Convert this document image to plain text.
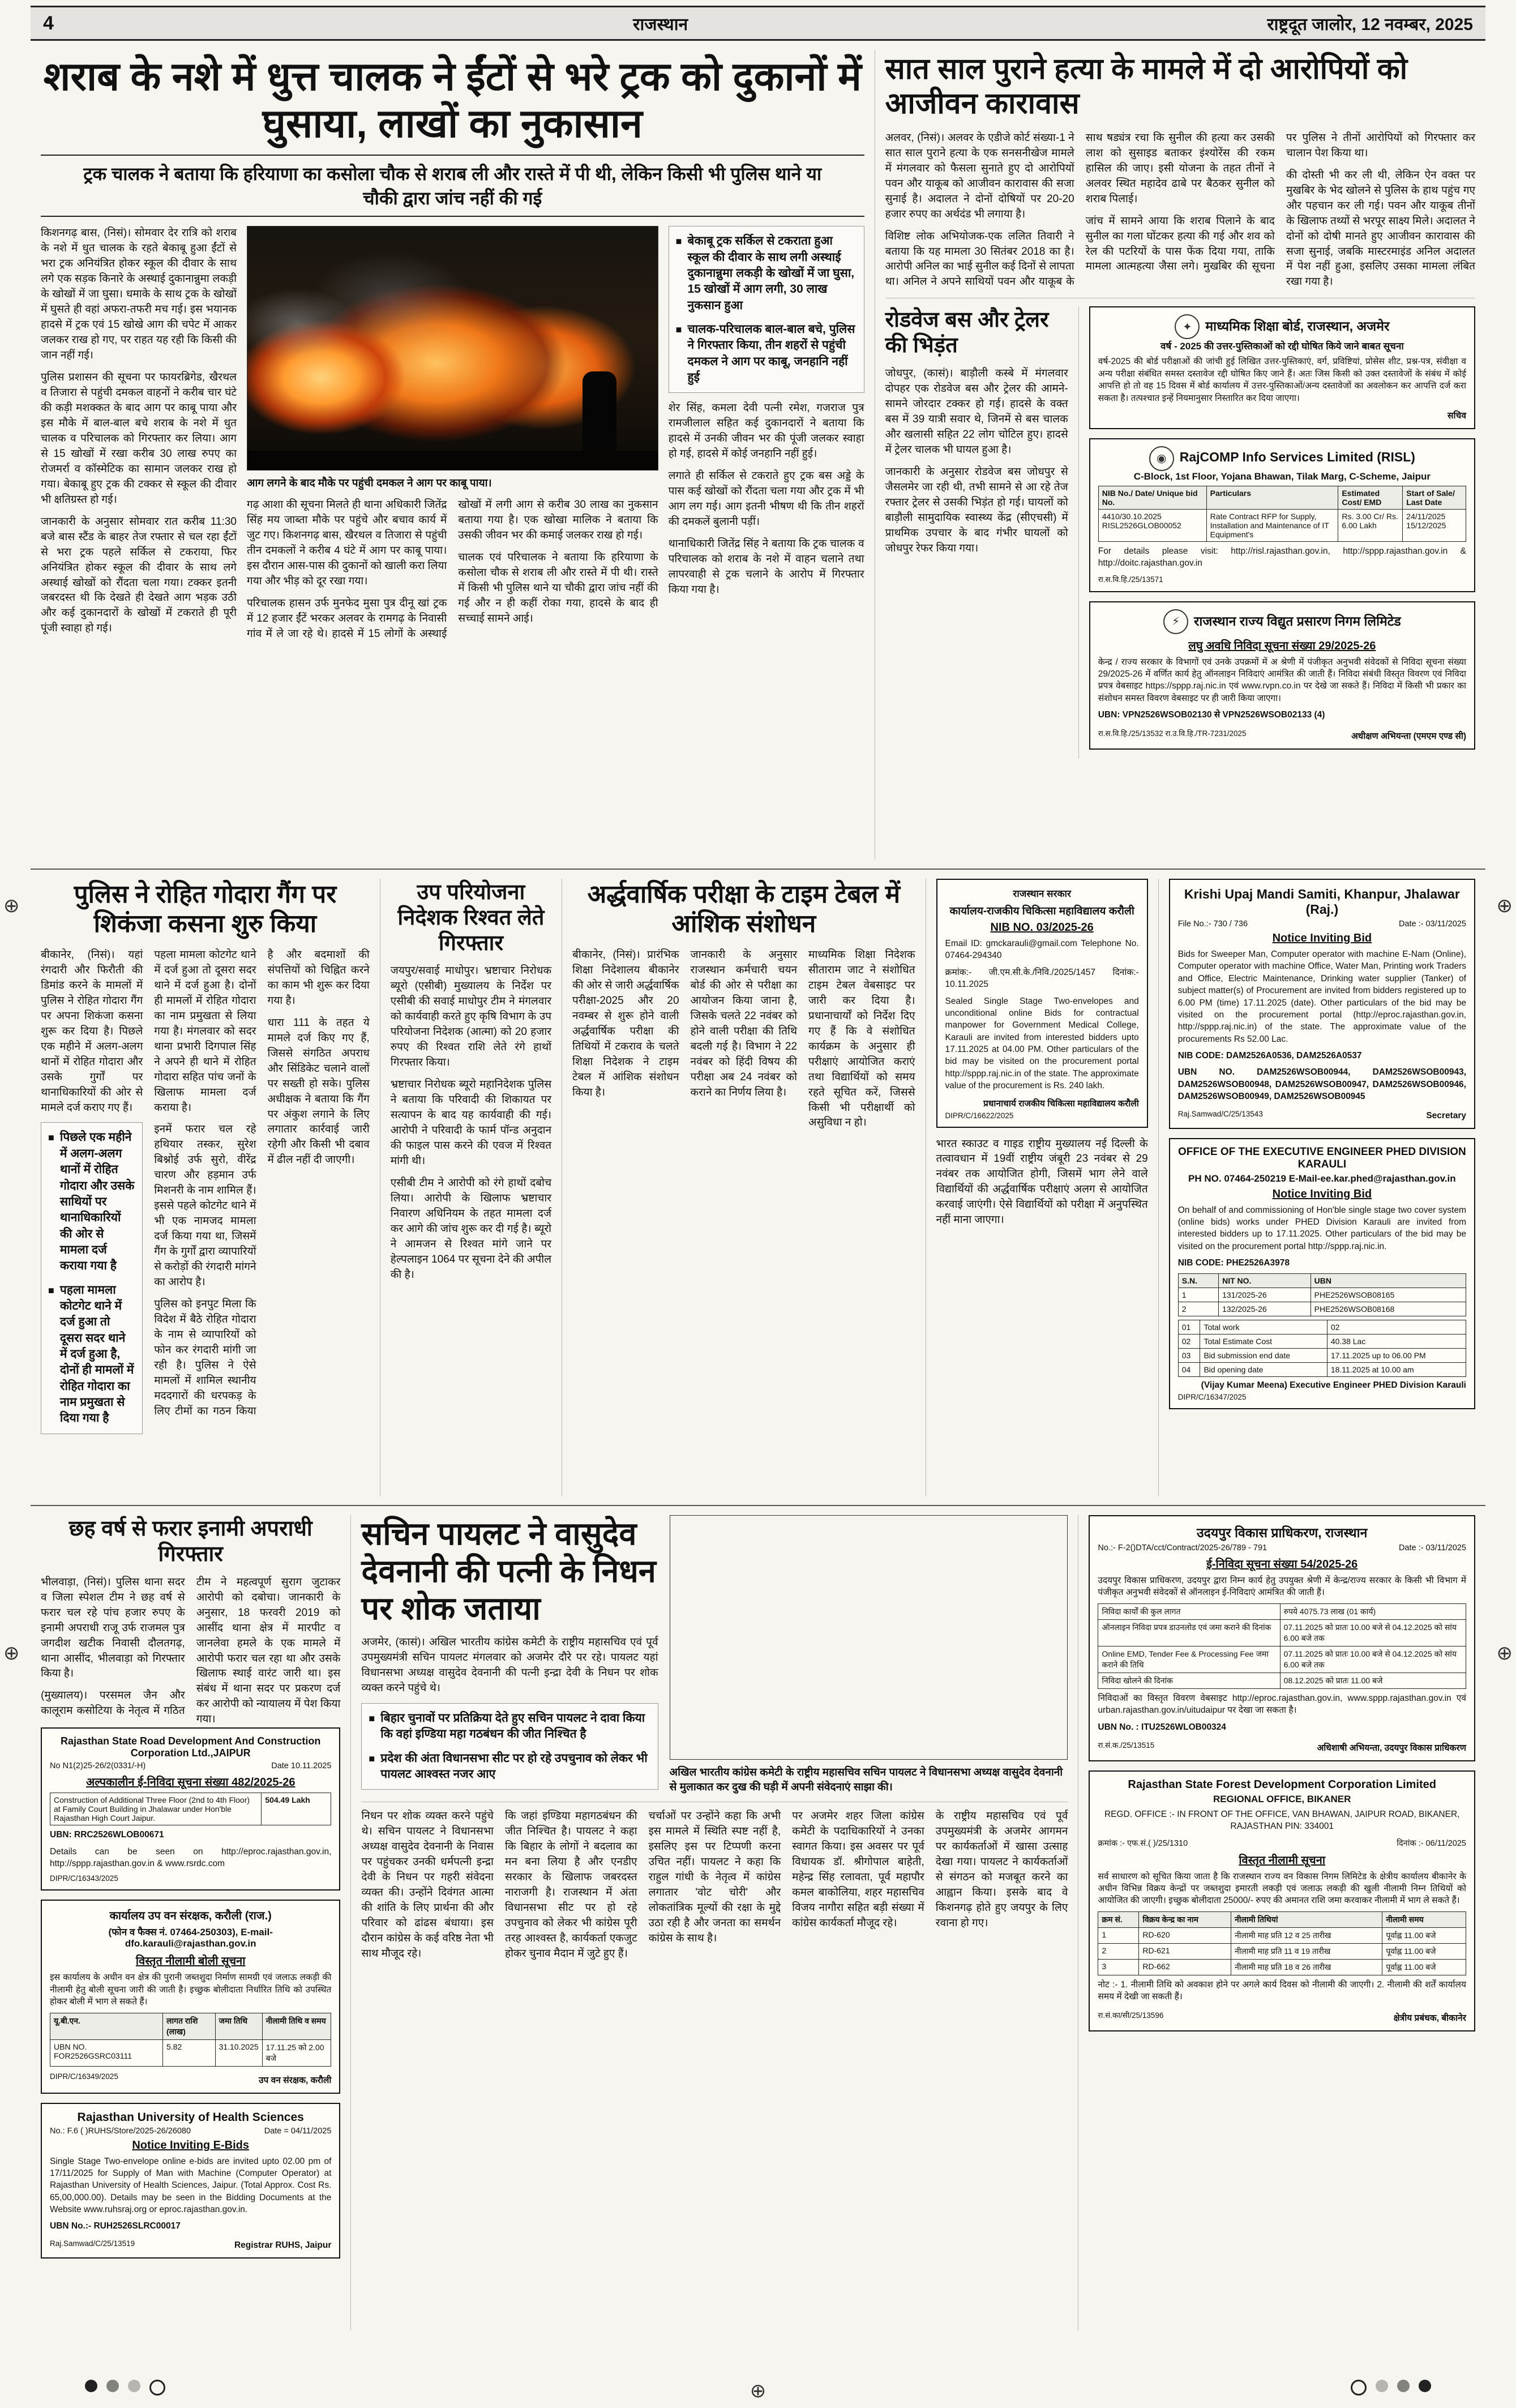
4	राजस्थान	राष्ट्रदूत जालोर, 12 नवम्बर, 2025
शराब के नशे में धुत्त चालक ने ईंटों से भरे ट्रक को दुकानों में घुसाया, लाखों का नुकासान
ट्रक चालक ने बताया कि हरियाणा का कसोला चौक से शराब ली और रास्ते में पी थी, लेकिन किसी भी पुलिस थाने या चौकी द्वारा जांच नहीं की गई

किशनगढ़ बास, (निसं)। सोमवार देर रात्रि को शराब के नशे में धुत चालक के रहते बेकाबू हुआ ईंटों से भरा ट्रक अनियंत्रित होकर स्कूल की दीवार के साथ लगे एक सड़क किनारे के अस्थाई दुकानान्नुमा लकड़ी के खोखों में जा घुसा। धमाके के साथ ट्रक के खोखों में घुसते ही वहां अफरा-तफरी मच गई। इस भयानक हादसे में ट्रक एवं 15 खोखे आग की चपेट में आकर जलकर राख हो गए, पर राहत यह रही कि किसी की जान नहीं गई।

पुलिस प्रशासन की सूचना पर फायरब्रिगेड, खैरथल व तिजारा से पहुंची दमकल वाहनों ने करीब चार घंटे की कड़ी मशक्कत के बाद आग पर काबू पाया और इस मौके में बाल-बाल बचे शराब के नशे में धुत चालक व परिचालक को गिरफ्तार कर लिया। आग से 15 खोखों में रखा करीब 30 लाख रुपए का रोजमर्रा व कॉस्मेटिक का सामान जलकर राख हो गया। बेकाबू हुए ट्रक की टक्कर से स्कूल की दीवार भी क्षतिग्रस्त हो गई।

जानकारी के अनुसार सोमवार रात करीब 11:30 बजे बास स्टैंड के बाहर तेज रफ्तार से चल रहा ईंटों से भरा ट्रक पहले सर्किल से टकराया, फिर अनियंत्रित होकर स्कूल की दीवार के साथ लगे अस्थाई खोखों को रौंदता चला गया। टक्कर इतनी जबरदस्त थी कि देखते ही देखते आग भड़क उठी और कई दुकानदारों के खोखों में टकराते ही पूरी पूंजी स्वाहा हो गई।

आग लगने के बाद मौके पर पहुंची दमकल ने आग पर काबू पाया।

गढ़ आशा की सूचना मिलते ही थाना अधिकारी जितेंद्र सिंह मय जाब्ता मौके पर पहुंचे और बचाव कार्य में जुट गए। किशनगढ़ बास, खैरथल व तिजारा से पहुंची तीन दमकलों ने करीब 4 घंटे में आग पर काबू पाया। इस दौरान आस-पास की दुकानों को खाली करा लिया गया और भीड़ को दूर रखा गया।

परिचालक हासन उर्फ मुनफेद मुसा पुत्र दीनू खां ट्रक में 12 हजार ईंटें भरकर अलवर के रामगढ़ के निवासी गांव में ले जा रहे थे। हादसे में 15 लोगों के अस्थाई खोखों में लगी आग से करीब 30 लाख का नुकसान बताया गया है। एक खोखा मालिक ने बताया कि उसकी जीवन भर की कमाई जलकर राख हो गई।

चालक एवं परिचालक ने बताया कि हरियाणा के कसोला चौक से शराब ली और रास्ते में पी थी। रास्ते में किसी भी पुलिस थाने या चौकी द्वारा जांच नहीं की गई और न ही कहीं रोका गया, हादसे के बाद ही सच्चाई सामने आई।

■ बेकाबू ट्रक सर्किल से टकराता हुआ स्कूल की दीवार के साथ लगी अस्थाई दुकानान्नुमा लकड़ी के खोखों में जा घुसा, 15 खोखों में आग लगी, 30 लाख नुकसान हुआ
■ चालक-परिचालक बाल-बाल बचे, पुलिस ने गिरफ्तार किया, तीन शहरों से पहुंची दमकल ने आग पर काबू, जनहानि नहीं हुई

शेर सिंह, कमला देवी पत्नी रमेश, गजराज पुत्र रामजीलाल सहित कई दुकानदारों ने बताया कि हादसे में उनकी जीवन भर की पूंजी जलकर स्वाहा हो गई, हादसे में कोई जनहानि नहीं हुई।

लगाते ही सर्किल से टकराते हुए ट्रक बस अड्डे के पास कई खोखों को रौंदता चला गया और ट्रक में भी आग लग गई। आग इतनी भीषण थी कि तीन शहरों की दमकलें बुलानी पड़ीं।

थानाधिकारी जितेंद्र सिंह ने बताया कि ट्रक चालक व परिचालक को शराब के नशे में वाहन चलाने तथा लापरवाही से ट्रक चलाने के आरोप में गिरफ्तार किया गया है।

सात साल पुराने हत्या के मामले में दो आरोपियों को आजीवन कारावास

अलवर, (निसं)। अलवर के एडीजे कोर्ट संख्या-1 ने सात साल पुराने हत्या के एक सनसनीखेज मामले में मंगलवार को फैसला सुनाते हुए दो आरोपियों पवन और याकूब को आजीवन कारावास की सजा सुनाई है। अदालत ने दोनों दोषियों पर 20-20 हजार रुपए का अर्थदंड भी लगाया है।

विशिष्ट लोक अभियोजक-एक ललित तिवारी ने बताया कि यह मामला 30 सितंबर 2018 का है। आरोपी अनिल का भाई सुनील कई दिनों से लापता था। अनिल ने अपने साथियों पवन और याकूब के साथ षड्यंत्र रचा कि सुनील की हत्या कर उसकी लाश को सुसाइड बताकर इंश्योरेंस की रकम हासिल की जाए। इसी योजना के तहत तीनों ने अलवर स्थित महादेव ढाबे पर बैठकर सुनील को शराब पिलाई।

जांच में सामने आया कि शराब पिलाने के बाद सुनील का गला घोंटकर हत्या की गई और शव को रेल की पटरियों के पास फेंक दिया गया, ताकि मामला आत्महत्या जैसा लगे। मुखबिर की सूचना पर पुलिस ने तीनों आरोपियों को गिरफ्तार कर चालान पेश किया था।

की दोस्ती भी कर ली थी, लेकिन ऐन वक्त पर मुखबिर के भेद खोलने से पुलिस के हाथ पहुंच गए और पहचान कर ली गई। पवन और याकूब तीनों के खिलाफ तथ्यों से भरपूर साक्ष्य मिले। अदालत ने दोनों को दोषी मानते हुए आजीवन कारावास की सजा सुनाई, जबकि मास्टरमाइंड अनिल अदालत में पेश नहीं हुआ, इसलिए उसका मामला लंबित रखा गया है।

रोडवेज बस और ट्रेलर की भिड़ंत

जोधपुर, (कासं)। बाड़ौली कस्बे में मंगलवार दोपहर एक रोडवेज बस और ट्रेलर की आमने-सामने जोरदार टक्कर हो गई। हादसे के वक्त बस में 39 यात्री सवार थे, जिनमें से बस चालक और खलासी सहित 22 लोग चोटिल हुए। हादसे में ट्रेलर चालक भी घायल हुआ है।

जानकारी के अनुसार रोडवेज बस जोधपुर से जैसलमेर जा रही थी, तभी सामने से आ रहे तेज रफ्तार ट्रेलर से उसकी भिड़ंत हो गई। घायलों को बाड़ौली सामुदायिक स्वास्थ्य केंद्र (सीएचसी) में प्राथमिक उपचार के बाद गंभीर घायलों को जोधपुर रेफर किया गया।

✦	माध्यमिक शिक्षा बोर्ड, राजस्थान, अजमेर
वर्ष - 2025 की उत्तर-पुस्तिकाओं को रद्दी घोषित किये जाने बाबत सूचना

वर्ष-2025 की बोर्ड परीक्षाओं की जांची हुई लिखित उत्तर-पुस्तिकाएं, वर्ग, प्रविष्टियां, प्रोसेस शीट, प्रश्न-पत्र, संवीक्षा व अन्य परीक्षा संबंधित समस्त दस्तावेज रद्दी घोषित किए जाने हैं। अतः जिस किसी को उक्त दस्तावेजों के संबंध में कोई आपत्ति हो तो वह 15 दिवस में बोर्ड कार्यालय में उत्तर-पुस्तिकाओं/अन्य दस्तावेजों का अवलोकन कर आपत्ति दर्ज करा सकता है। तत्पश्चात इन्हें नियमानुसार निस्तारित कर दिया जाएगा।

सचिव
◉	RajCOMP Info Services Limited (RISL)
C-Block, 1st Floor, Yojana Bhawan, Tilak Marg, C-Scheme, Jaipur
NIB No./ Date/ Unique bid No.	Particulars	Estimated Cost/ EMD	Start of Sale/ Last Date
4410/30.10.2025 RISL2526GLOB00052	Rate Contract RFP for Supply, Installation and Maintenance of IT Equipment's	Rs. 3.00 Cr/ Rs. 6.00 Lakh	24/11/2025 15/12/2025

For details please visit: http://risl.rajasthan.gov.in, http://sppp.rajasthan.gov.in & http://doitc.rajasthan.gov.in

रा.स.वि.हि./25/13571
⚡	राजस्थान राज्य विद्युत प्रसारण निगम लिमिटेड
लघु अवधि निविदा सूचना संख्या 29/2025-26

केन्द्र / राज्य सरकार के विभागों एवं उनके उपक्रमों में अ श्रेणी में पंजीकृत अनुभवी संवेदकों से निविदा सूचना संख्या 29/2025-26 में वर्णित कार्य हेतु ऑनलाइन निविदाएं आमंत्रित की जाती हैं। निविदा संबंधी विस्तृत विवरण एवं निविदा प्रपत्र वेबसाइट https://sppp.raj.nic.in एवं www.rvpn.co.in पर देखे जा सकते हैं। निविदा में किसी भी प्रकार का संशोधन समस्त विवरण वेबसाइट पर ही जारी किया जाएगा।

UBN: VPN2526WSOB02130 से VPN2526WSOB02133 (4)

रा.स.वि.हि./25/13532 रा.उ.वि.हि./TR-7231/2025	अधीक्षण अभियन्ता (एमएम एण्ड सी)
पुलिस ने रोहित गोदारा गैंग पर शिकंजा कसना शुरु किया

बीकानेर, (निसं)। यहां रंगदारी और फिरौती की डिमांड करने के मामलों में पुलिस ने रोहित गोदारा गैंग पर अपना शिकंजा कसना शुरू कर दिया है। पिछले एक महीने में अलग-अलग थानों में रोहित गोदारा और उसके गुर्गों पर थानाधिकारियों की ओर से मामले दर्ज कराए गए हैं।

■ पिछले एक महीने में अलग-अलग थानों में रोहित गोदारा और उसके साथियों पर थानाधिकारियों की ओर से मामला दर्ज कराया गया है
■ पहला मामला कोटगेट थाने में दर्ज हुआ तो दूसरा सदर थाने में दर्ज हुआ है, दोनों ही मामलों में रोहित गोदारा का नाम प्रमुखता से दिया गया है

पहला मामला कोटगेट थाने में दर्ज हुआ तो दूसरा सदर थाने में दर्ज हुआ है। दोनों ही मामलों में रोहित गोदारा का नाम प्रमुखता से लिया गया है। मंगलवार को सदर थाना प्रभारी दिगपाल सिंह ने अपने ही थाने में रोहित गोदारा सहित पांच जनों के खिलाफ मामला दर्ज कराया है।

इनमें फरार चल रहे हथियार तस्कर, सुरेश बिश्नोई उर्फ सुरो, वीरेंद्र चारण और हड़मान उर्फ मिशनरी के नाम शामिल हैं। इससे पहले कोटगेट थाने में भी एक नामजद मामला दर्ज किया गया था, जिसमें गैंग के गुर्गों द्वारा व्यापारियों से करोड़ों की रंगदारी मांगने का आरोप है।

पुलिस को इनपुट मिला कि विदेश में बैठे रोहित गोदारा के नाम से व्यापारियों को फोन कर रंगदारी मांगी जा रही है। पुलिस ने ऐसे मामलों में शामिल स्थानीय मददगारों की धरपकड़ के लिए टीमों का गठन किया है और बदमाशों की संपत्तियों को चिह्नित करने का काम भी शुरू कर दिया गया है।

धारा 111 के तहत ये मामले दर्ज किए गए हैं, जिससे संगठित अपराध और सिंडिकेट चलाने वालों पर सख्ती हो सके। पुलिस अधीक्षक ने बताया कि गैंग पर अंकुश लगाने के लिए लगातार कार्रवाई जारी रहेगी और किसी भी दबाव में ढील नहीं दी जाएगी।

उप परियोजना निदेशक रिश्वत लेते गिरफ्तार

जयपुर/सवाई माधोपुर। भ्रष्टाचार निरोधक ब्यूरो (एसीबी) मुख्यालय के निर्देश पर एसीबी की सवाई माधोपुर टीम ने मंगलवार को कार्यवाही करते हुए कृषि विभाग के उप परियोजना निदेशक (आत्मा) को 20 हजार रुपए की रिश्वत राशि लेते रंगे हाथों गिरफ्तार किया।

भ्रष्टाचार निरोधक ब्यूरो महानिदेशक पुलिस ने बताया कि परिवादी की शिकायत पर सत्यापन के बाद यह कार्यवाही की गई। आरोपी ने परिवादी के फार्म पॉन्ड अनुदान की फाइल पास करने की एवज में रिश्वत मांगी थी।

एसीबी टीम ने आरोपी को रंगे हाथों दबोच लिया। आरोपी के खिलाफ भ्रष्टाचार निवारण अधिनियम के तहत मामला दर्ज कर आगे की जांच शुरू कर दी गई है। ब्यूरो ने आमजन से रिश्वत मांगे जाने पर हेल्पलाइन 1064 पर सूचना देने की अपील की है।

अर्द्धवार्षिक परीक्षा के टाइम टेबल में आंशिक संशोधन

बीकानेर, (निसं)। प्रारंभिक शिक्षा निदेशालय बीकानेर की ओर से जारी अर्द्धवार्षिक परीक्षा-2025 और 20 नवम्बर से शुरू होने वाली अर्द्धवार्षिक परीक्षा की तिथियों में टकराव के चलते शिक्षा निदेशक ने टाइम टेबल में आंशिक संशोधन किया है।

जानकारी के अनुसार राजस्थान कर्मचारी चयन बोर्ड की ओर से परीक्षा का आयोजन किया जाना है, जिसके चलते 22 नवंबर को होने वाली परीक्षा की तिथि बदली गई है। विभाग ने 22 नवंबर को हिंदी विषय की परीक्षा अब 24 नवंबर को कराने का निर्णय लिया है।

माध्यमिक शिक्षा निदेशक सीताराम जाट ने संशोधित टाइम टेबल वेबसाइट पर जारी कर दिया है। प्रधानाचार्यों को निर्देश दिए गए हैं कि वे संशोधित कार्यक्रम के अनुसार ही परीक्षाएं आयोजित कराएं तथा विद्यार्थियों को समय रहते सूचित करें, जिससे किसी भी परीक्षार्थी को असुविधा न हो।

राजस्थान सरकार
कार्यालय-राजकीय चिकित्सा महाविद्यालय करौली
NIB NO. 03/2025-26

Email ID: gmckarauli@gmail.com Telephone No. 07464-294340

क्रमांक:- जी.एम.सी.के./निवि./2025/1457 दिनांक:- 10.11.2025

Sealed Single Stage Two-envelopes and unconditional online Bids for contractual manpower for Government Medical College, Karauli are invited from interested bidders upto 17.11.2025 at 04.00 PM. Other particulars of the bid may be visited on the procurement portal http://sppp.raj.nic.in of the state. The approximate value of the procurement is Rs. 240 lakh.

प्रधानाचार्य राजकीय चिकित्सा महाविद्यालय करौली
DIPR/C/16622/2025

भारत स्काउट व गाइड राष्ट्रीय मुख्यालय नई दिल्ली के तत्वावधान में 19वीं राष्ट्रीय जंबूरी 23 नवंबर से 29 नवंबर तक आयोजित होगी, जिसमें भाग लेने वाले विद्यार्थियों की अर्द्धवार्षिक परीक्षाएं अलग से आयोजित करवाई जाएंगी। ऐसे विद्यार्थियों को परीक्षा में अनुपस्थित नहीं माना जाएगा।

Krishi Upaj Mandi Samiti, Khanpur, Jhalawar (Raj.)
File No.:- 730 / 736	Date :- 03/11/2025
Notice Inviting Bid

Bids for Sweeper Man, Computer operator with machine E-Nam (Online), Computer operator with machine Office, Water Man, Printing work Traders and Office, Electric Maintenance, Drinking water supplier (Tanker) of subject matter(s) of Procurement are invited from bidders registered up to 6.00 PM (time) 17.11.2025 (date). Other particulars of the bid may be visited on the procurement portal (http://eproc.rajasthan.gov.in, http://sppp.raj.nic.in) of the state. The approximate value of the procurements Rs 52.00 Lac.

NIB CODE: DAM2526A0536, DAM2526A0537

UBN NO. DAM2526WSOB00944, DAM2526WSOB00943, DAM2526WSOB00948, DAM2526WSOB00947, DAM2526WSOB00946, DAM2526WSOB00949, DAM2526WSOB00945

Raj.Samwad/C/25/13543	Secretary
OFFICE OF THE EXECUTIVE ENGINEER PHED DIVISION KARAULI
PH NO. 07464-250219 E-Mail-ee.kar.phed@rajasthan.gov.in
Notice Inviting Bid

On behalf of and commissioning of Hon'ble single stage two cover system (online bids) works under PHED Division Karauli are invited from interested bidders up to 17.11.2025. Other particulars of the bid may be visited on the procurement portal http://sppp.raj.nic.in.

NIB CODE: PHE2526A3978

S.N.	NIT NO.	UBN
1	131/2025-26	PHE2526WSOB08165
2	132/2025-26	PHE2526WSOB08168
01	Total work	02
02	Total Estimate Cost	40.38 Lac
03	Bid submission end date	17.11.2025 up to 06.00 PM
04	Bid opening date	18.11.2025 at 10.00 am
(Vijay Kumar Meena) Executive Engineer PHED Division Karauli
DIPR/C/16347/2025
छह वर्ष से फरार इनामी अपराधी गिरफ्तार

भीलवाड़ा, (निसं)। पुलिस थाना सदर व जिला स्पेशल टीम ने छह वर्ष से फरार चल रहे पांच हजार रुपए के इनामी अपराधी राजू उर्फ राजमल पुत्र जगदीश खटीक निवासी दौलतगढ़, थाना आसींद, भीलवाड़ा को गिरफ्तार किया है।

(मुख्यालय)। परसमल जैन और कालूराम कसोटिया के नेतृत्व में गठित टीम ने महत्वपूर्ण सुराग जुटाकर आरोपी को दबोचा। जानकारी के अनुसार, 18 फरवरी 2019 को आसींद थाना क्षेत्र में मारपीट व जानलेवा हमले के एक मामले में आरोपी फरार चल रहा था और उसके खिलाफ स्थाई वारंट जारी था। इस संबंध में थाना सदर पर प्रकरण दर्ज कर आरोपी को न्यायालय में पेश किया गया।

Rajasthan State Road Development And Construction Corporation Ltd.,JAIPUR
No N1(2)25-26/2(0331/-H)	Date 10.11.2025
अल्पकालीन ई-निविदा सूचना संख्या 482/2025-26
Construction of Additional Three Floor (2nd to 4th Floor) at Family Court Building in Jhalawar under Hon'ble Rajasthan High Court Jaipur.	504.49 Lakh

UBN: RRC2526WLOB00671

Details can be seen on http://eproc.rajasthan.gov.in, http://sppp.rajasthan.gov.in & www.rsrdc.com

DIPR/C/16343/2025
कार्यालय उप वन संरक्षक, करौली (राज.)
(फोन व फैक्स नं. 07464-250303), E-mail- dfo.karauli@rajasthan.gov.in
विस्तृत नीलामी बोली सूचना

इस कार्यालय के अधीन वन क्षेत्र की पुरानी जब्तशुदा निर्माण सामग्री एवं जलाऊ लकड़ी की नीलामी हेतु बोली सूचना जारी की जाती है। इच्छुक बोलीदाता निर्धारित तिथि को उपस्थित होकर बोली में भाग ले सकते हैं।

यू.बी.एन.	लागत राशि (लाख)	जमा तिथि	नीलामी तिथि व समय
UBN NO. FOR2526GSRC03111	5.82	31.10.2025	17.11.25 को 2.00 बजे
DIPR/C/16349/2025	उप वन संरक्षक, करौली
Rajasthan University of Health Sciences
No.: F.6 ( )RUHS/Store/2025-26/26080	Date = 04/11/2025
Notice Inviting E-Bids

Single Stage Two-envelope online e-bids are invited upto 02.00 pm of 17/11/2025 for Supply of Man with Machine (Computer Operator) at Rajasthan University of Health Sciences, Jaipur. (Total Approx. Cost Rs. 65,00,000.00). Details may be seen in the Bidding Documents at the Website www.ruhsraj.org or eproc.rajasthan.gov.in.

UBN No.:- RUH2526SLRC00017

Raj.Samwad/C/25/13519	Registrar RUHS, Jaipur
सचिन पायलट ने वासुदेव देवनानी की पत्नी के निधन पर शोक जताया

अजमेर, (कासं)। अखिल भारतीय कांग्रेस कमेटी के राष्ट्रीय महासचिव एवं पूर्व उपमुख्यमंत्री सचिन पायलट मंगलवार को अजमेर दौरे पर रहे। पायलट यहां विधानसभा अध्यक्ष वासुदेव देवनानी की पत्नी इन्द्रा देवी के निधन पर शोक व्यक्त करने पहुंचे थे।

■ बिहार चुनावों पर प्रतिक्रिया देते हुए सचिन पायलट ने दावा किया कि वहां इण्डिया महा गठबंधन की जीत निश्चित है
■ प्रदेश की अंता विधानसभा सीट पर हो रहे उपचुनाव को लेकर भी पायलट आश्वस्त नजर आए	अखिल भारतीय कांग्रेस कमेटी के राष्ट्रीय महासचिव सचिन पायलट ने विधानसभा अध्यक्ष वासुदेव देवनानी से मुलाकात कर दुख की घड़ी में अपनी संवेदनाएं साझा की।

निधन पर शोक व्यक्त करने पहुंचे थे। सचिन पायलट ने विधानसभा अध्यक्ष वासुदेव देवनानी के निवास पर पहुंचकर उनकी धर्मपत्नी इन्द्रा देवी के निधन पर गहरी संवेदना व्यक्त की। उन्होंने दिवंगत आत्मा की शांति के लिए प्रार्थना की और परिवार को ढांढस बंधाया। इस दौरान कांग्रेस के कई वरिष्ठ नेता भी साथ मौजूद रहे।

कि जहां इण्डिया महागठबंधन की जीत निश्चित है। पायलट ने कहा कि बिहार के लोगों ने बदलाव का मन बना लिया है और एनडीए सरकार के खिलाफ जबरदस्त नाराजगी है। राजस्थान में अंता विधानसभा सीट पर हो रहे उपचुनाव को लेकर भी कांग्रेस पूरी तरह आश्वस्त है, कार्यकर्ता एकजुट होकर चुनाव मैदान में जुटे हुए हैं।

चर्चाओं पर उन्होंने कहा कि अभी इस मामले में स्थिति स्पष्ट नहीं है, इसलिए इस पर टिप्पणी करना उचित नहीं। पायलट ने कहा कि राहुल गांधी के नेतृत्व में कांग्रेस लगातार 'वोट चोरी' और लोकतांत्रिक मूल्यों की रक्षा के मुद्दे उठा रही है और जनता का समर्थन कांग्रेस के साथ है।

पर अजमेर शहर जिला कांग्रेस कमेटी के पदाधिकारियों ने उनका स्वागत किया। इस अवसर पर पूर्व विधायक डॉ. श्रीगोपाल बाहेती, महेन्द्र सिंह रलावता, पूर्व महापौर कमल बाकोलिया, शहर महासचिव विजय नागौरा सहित बड़ी संख्या में कांग्रेस कार्यकर्ता मौजूद रहे।

के राष्ट्रीय महासचिव एवं पूर्व उपमुख्यमंत्री के अजमेर आगमन पर कार्यकर्ताओं में खासा उत्साह देखा गया। पायलट ने कार्यकर्ताओं से संगठन को मजबूत करने का आह्वान किया। इसके बाद वे किशनगढ़ होते हुए जयपुर के लिए रवाना हो गए।

उदयपुर विकास प्राधिकरण, राजस्थान
No.:- F-2()DTA/cct/Contract/2025-26/789 - 791	Date :- 03/11/2025
ई-निविदा सूचना संख्या 54/2025-26

उदयपुर विकास प्राधिकरण, उदयपुर द्वारा निम्न कार्य हेतु उपयुक्त श्रेणी में केन्द्र/राज्य सरकार के किसी भी विभाग में पंजीकृत अनुभवी संवेदकों से ऑनलाइन ई-निविदाएं आमंत्रित की जाती हैं।

निविदा कार्यों की कुल लागत	रुपये 4075.73 लाख (01 कार्य)
ऑनलाइन निविदा प्रपत्र डाउनलोड एवं जमा कराने की दिनांक	07.11.2025 को प्रातः 10.00 बजे से 04.12.2025 को सांय 6.00 बजे तक
Online EMD, Tender Fee & Processing Fee जमा कराने की तिथि	07.11.2025 को प्रातः 10.00 बजे से 04.12.2025 को सांय 6.00 बजे तक
निविदा खोलने की दिनांक	08.12.2025 को प्रातः 11.00 बजे

निविदाओं का विस्तृत विवरण वेबसाइट http://eproc.rajasthan.gov.in, www.sppp.rajasthan.gov.in एवं urban.rajasthan.gov.in/uitudaipur पर देखा जा सकता है।

UBN No. : ITU2526WLOB00324

रा.सं.क./25/13515	अधिशाषी अभियन्ता, उदयपुर विकास प्राधिकरण
Rajasthan State Forest Development Corporation Limited
REGIONAL OFFICE, BIKANER

REGD. OFFICE :- IN FRONT OF THE OFFICE, VAN BHAWAN, JAIPUR ROAD, BIKANER, RAJASTHAN PIN: 334001

क्रमांक :- एफ.सं.( )/25/1310	दिनांक :- 06/11/2025
विस्तृत नीलामी सूचना

सर्व साधारण को सूचित किया जाता है कि राजस्थान राज्य वन विकास निगम लिमिटेड के क्षेत्रीय कार्यालय बीकानेर के अधीन विभिन्न विक्रय केन्द्रों पर जब्तशुदा इमारती लकड़ी एवं जलाऊ लकड़ी की खुली नीलामी निम्न तिथियों को आयोजित की जाएगी। इच्छुक बोलीदाता 25000/- रुपए की अमानत राशि जमा करवाकर नीलामी में भाग ले सकते हैं।

क्रम सं.	विक्रय केन्द्र का नाम	नीलामी तिथियां	नीलामी समय
1	RD-620	नीलामी माह प्रति 12 व 25 तारीख	पूर्वाह्न 11.00 बजे
2	RD-621	नीलामी माह प्रति 11 व 19 तारीख	पूर्वाह्न 11.00 बजे
3	RD-662	नीलामी माह प्रति 18 व 26 तारीख	पूर्वाह्न 11.00 बजे

नोट :- 1. नीलामी तिथि को अवकाश होने पर अगले कार्य दिवस को नीलामी की जाएगी। 2. नीलामी की शर्तें कार्यालय समय में देखी जा सकती हैं।

रा.सं.का/सी/25/13596	क्षेत्रीय प्रबंधक, बीकानेर
⊕	⊕
⊕	⊕
⊕
